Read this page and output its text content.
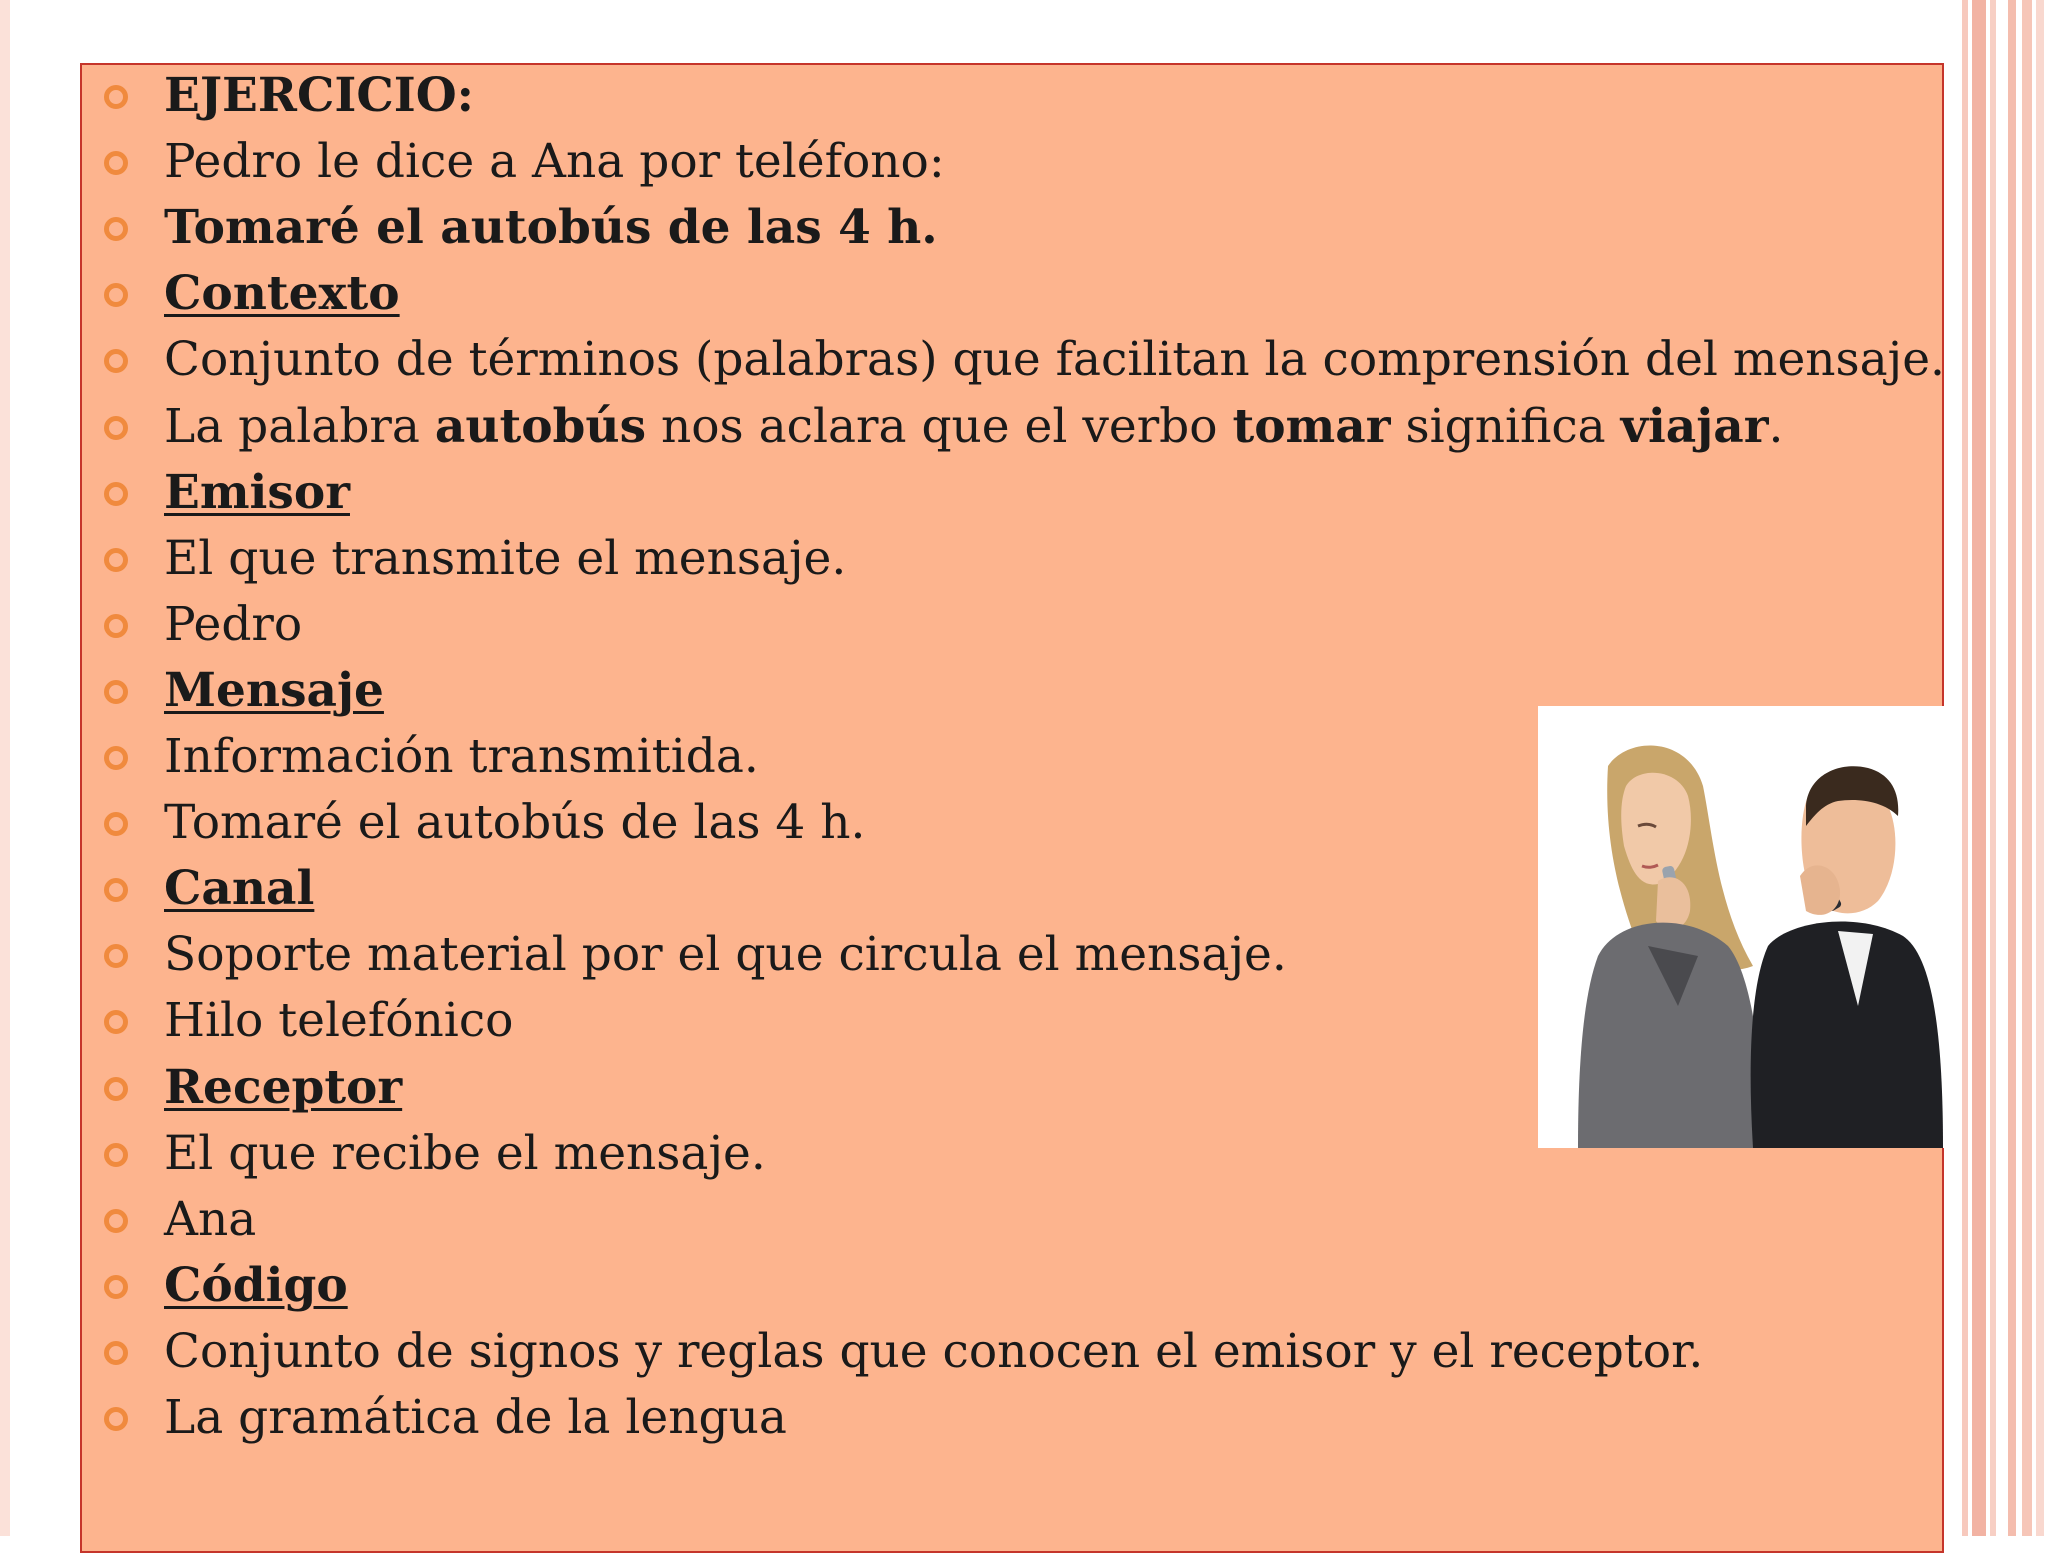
EJERCICIO:
Pedro le dice a Ana por teléfono:
Tomaré el autobús de las 4 h.
Contexto
Conjunto de términos (palabras) que facilitan la comprensión del mensaje.
La palabra autobús nos aclara que el verbo tomar significa viajar.
Emisor
El que transmite el mensaje.
Pedro
Mensaje
Información transmitida.
Tomaré el autobús de las 4 h.
Canal
Soporte material por el que circula el mensaje.
Hilo telefónico
Receptor
El que recibe el mensaje.
Ana
Código
Conjunto de signos y reglas que conocen el emisor y el receptor.
La gramática de la lengua
